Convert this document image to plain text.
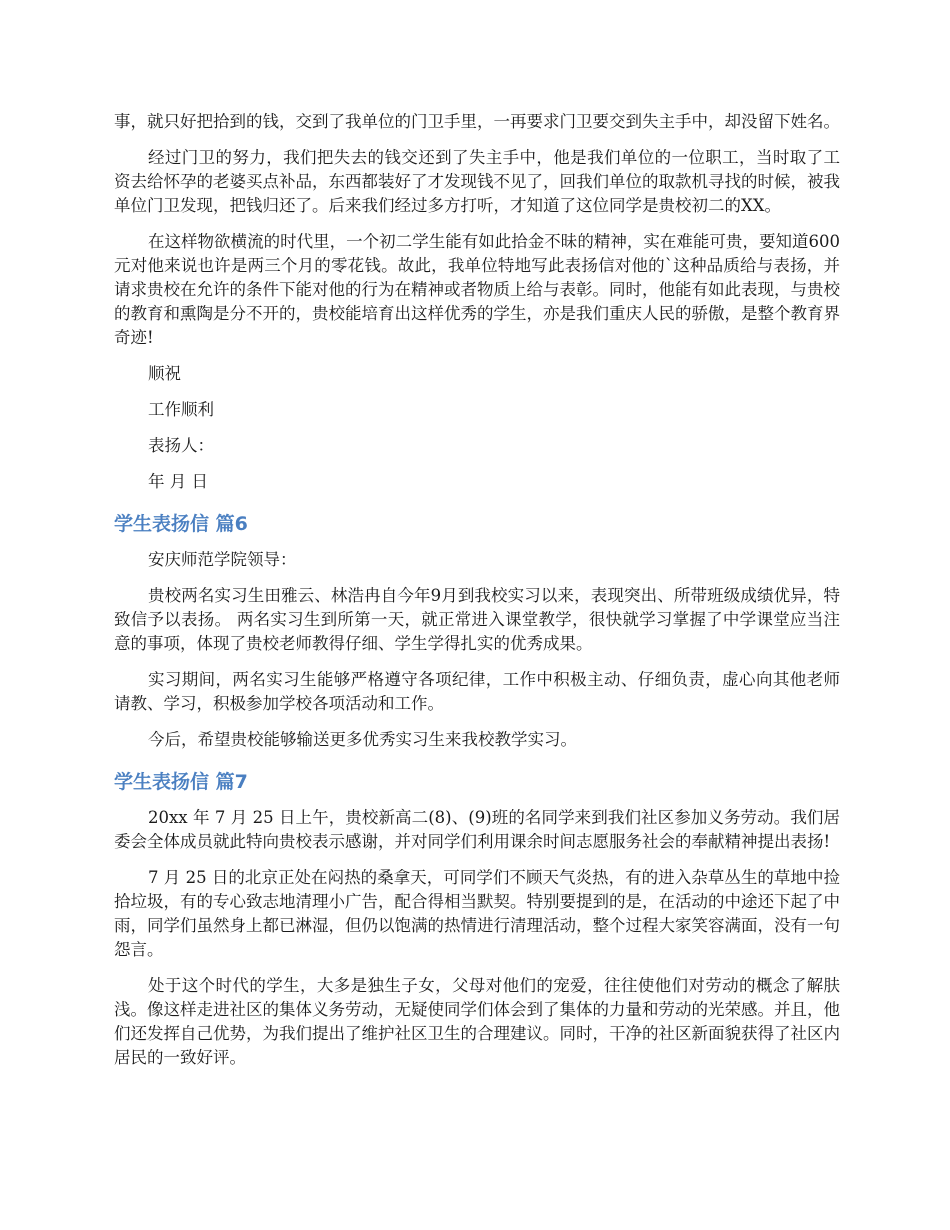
事，就只好把拾到的钱，交到了我单位的门卫手里，一再要求门卫要交到失主手中，却没留下姓名。

经过门卫的努力，我们把失去的钱交还到了失主手中，他是我们单位的一位职工，当时取了工资去给怀孕的老婆买点补品，东西都装好了才发现钱不见了，回我们单位的取款机寻找的时候，被我单位门卫发现，把钱归还了。后来我们经过多方打听，才知道了这位同学是贵校初二的XX。

在这样物欲横流的时代里，一个初二学生能有如此拾金不昧的精神，实在难能可贵，要知道600元对他来说也许是两三个月的零花钱。故此，我单位特地写此表扬信对他的`这种品质给与表扬，并请求贵校在允许的条件下能对他的行为在精神或者物质上给与表彰。同时，他能有如此表现，与贵校的教育和熏陶是分不开的，贵校能培育出这样优秀的学生，亦是我们重庆人民的骄傲，是整个教育界奇迹!

顺祝

工作顺利

表扬人：

年 月 日

学生表扬信 篇6

安庆师范学院领导：

贵校两名实习生田雅云、林浩冉自今年9月到我校实习以来，表现突出、所带班级成绩优异，特致信予以表扬。 两名实习生到所第一天，就正常进入课堂教学，很快就学习掌握了中学课堂应当注意的事项，体现了贵校老师教得仔细、学生学得扎实的优秀成果。

实习期间，两名实习生能够严格遵守各项纪律，工作中积极主动、仔细负责，虚心向其他老师请教、学习，积极参加学校各项活动和工作。

今后，希望贵校能够输送更多优秀实习生来我校教学实习。

学生表扬信 篇7

20xx 年 7 月 25 日上午，贵校新高二(8)、(9)班的名同学来到我们社区参加义务劳动。我们居委会全体成员就此特向贵校表示感谢，并对同学们利用课余时间志愿服务社会的奉献精神提出表扬!

7 月 25 日的北京正处在闷热的桑拿天，可同学们不顾天气炎热，有的进入杂草丛生的草地中捡拾垃圾，有的专心致志地清理小广告，配合得相当默契。特别要提到的是，在活动的中途还下起了中雨，同学们虽然身上都已淋湿，但仍以饱满的热情进行清理活动，整个过程大家笑容满面，没有一句怨言。

处于这个时代的学生，大多是独生子女，父母对他们的宠爱，往往使他们对劳动的概念了解肤浅。像这样走进社区的集体义务劳动，无疑使同学们体会到了集体的力量和劳动的光荣感。并且，他们还发挥自己优势，为我们提出了维护社区卫生的合理建议。同时，干净的社区新面貌获得了社区内居民的一致好评。
